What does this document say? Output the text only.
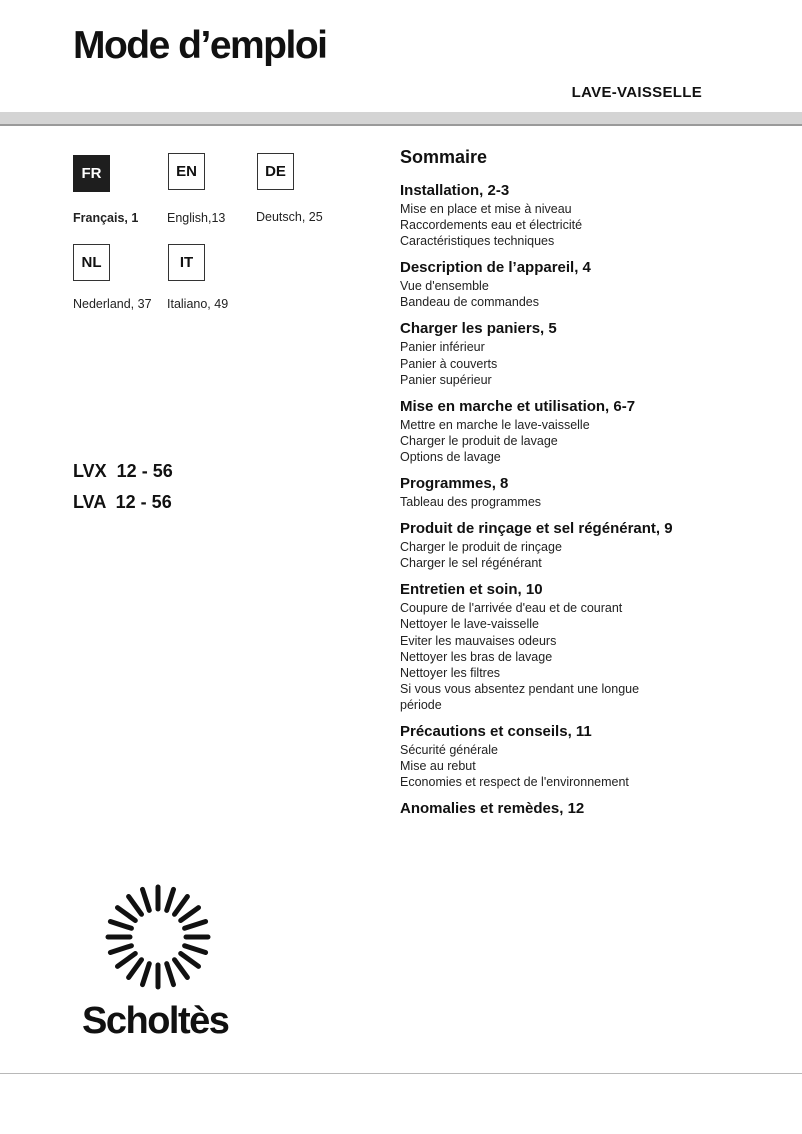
Mode d’emploi
LAVE-VAISSELLE
FR	EN	DE
NL	IT
Français, 1 English,13 Deutsch, 25
Nederland, 37 Italiano, 49
LVX  12 - 56
LVA  12 - 56
Sommaire
Installation, 2-3
Mise en place et mise à niveau
Raccordements eau et électricité
Caractéristiques techniques
Description de l’appareil, 4
Vue d'ensemble
Bandeau de commandes
Charger les paniers, 5
Panier inférieur
Panier à couverts
Panier supérieur
Mise en marche et utilisation, 6-7
Mettre en marche le lave-vaisselle
Charger le produit de lavage
Options de lavage
Programmes, 8
Tableau des programmes
Produit de rinçage et sel régénérant, 9
Charger le produit de rinçage
Charger le sel régénérant
Entretien et soin, 10
Coupure de l'arrivée d'eau et de courant
Nettoyer le lave-vaisselle
Eviter les mauvaises odeurs
Nettoyer les bras de lavage
Nettoyer les filtres
Si vous vous absentez pendant une longue
période
Précautions et conseils, 11
Sécurité générale
Mise au rebut
Economies et respect de l'environnement
Anomalies et remèdes, 12
Scholtès
